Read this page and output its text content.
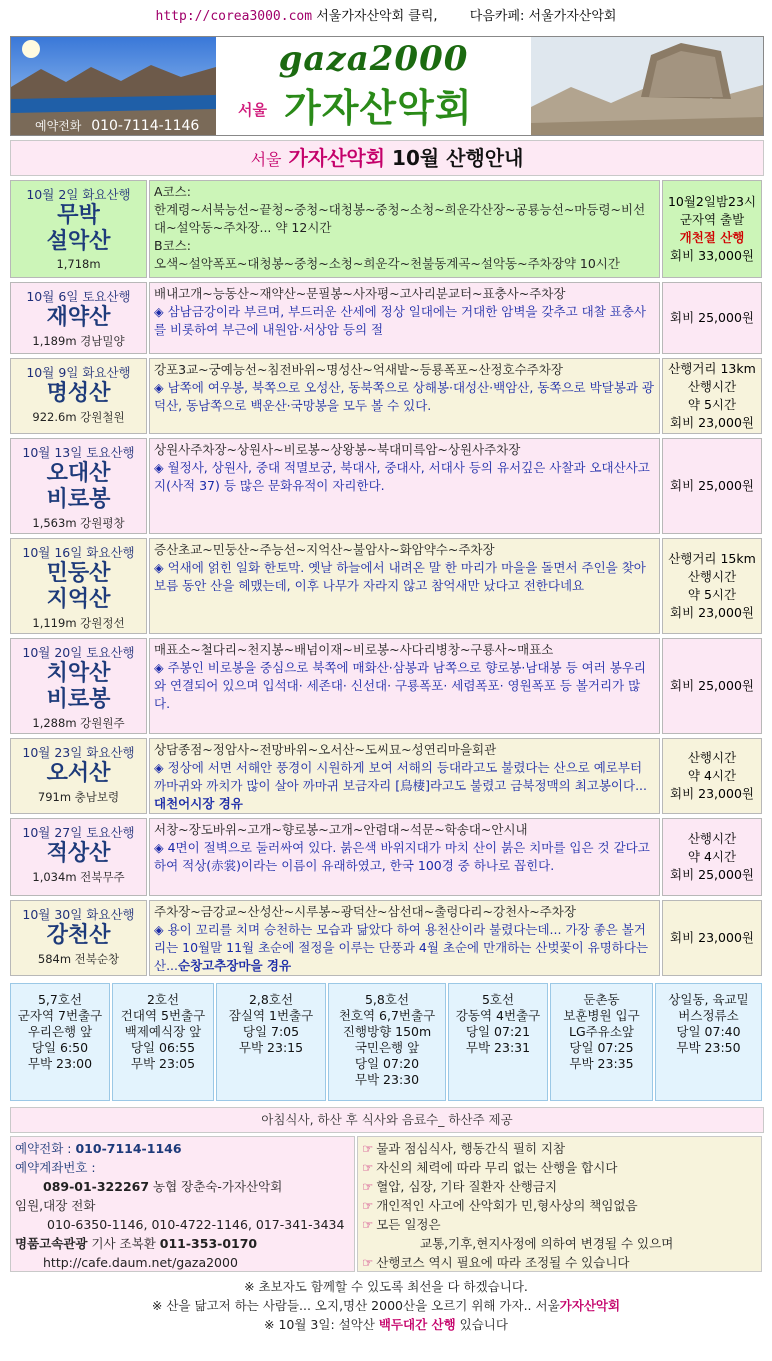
http://corea3000.com 서울가자산악회 클릭, 다음카페: 서울가자산악회
예약전화 010-7114-1146
gaza2000
서울 가자산악회
서울 가자산악회 10월 산행안내
10월 2일 화요산행
무박
설악산
1,718m
A코스:
한계령~서북능선~끝청~중청~대청봉~중청~소청~희운각산장~공룡능선~마등령~비선대~설악동~주차장... 약 12시간
B코스:
오색~설악폭포~대청봉~중청~소청~희운각~천불동계곡~설악동~주차장약 10시간
10월2일밤23시
군자역 출발
개천절 산행
회비 33,000원
10월 6일 토요산행
재약산
1,189m 경남밀양
배내고개~능동산~재약산~문필봉~사자평~고사리분교터~표충사~주차장
◈ 삼남금강이라 부르며, 부드러운 산세에 정상 일대에는 거대한 암벽을 갖추고 대찰 표충사를 비롯하여 부근에 내원암·서상암 등의 절
회비 25,000원
10월 9일 화요산행
명성산
922.6m 강원철원
강포3교~궁예능선~침전바위~명성산~억새밭~등룡폭포~산정호수주차장
◈ 남쪽에 여우봉, 북쪽으로 오성산, 동북쪽으로 상해봉·대성산·백암산, 동쪽으로 박달봉과 광덕산, 동남쪽으로 백운산·국망봉을 모두 볼 수 있다.
산행거리 13km
산행시간
약 5시간
회비 23,000원
10월 13일 토요산행
오대산
비로봉
1,563m 강원평창
상원사주차장~상원사~비로봉~상왕봉~북대미륵암~상원사주차장
◈ 월정사, 상원사, 중대 적멸보궁, 북대사, 중대사, 서대사 등의 유서깊은 사찰과 오대산사고지(사적 37) 등 많은 문화유적이 자리한다.	회비 25,000원
10월 16일 화요산행
민둥산
지억산
1,119m 강원정선
증산초교~민둥산~주능선~지억산~불암사~화암약수~주차장
◈ 억새에 얽힌 일화 한토막. 옛날 하늘에서 내려온 말 한 마리가 마을을 돌면서 주인을 찾아 보름 동안 산을 헤맸는데, 이후 나무가 자라지 않고 참억새만 났다고 전한다네요
산행거리 15km
산행시간
약 5시간
회비 23,000원
10월 20일 토요산행
치악산
비로봉
1,288m 강원원주
매표소~철다리~천지봉~배넘이재~비로봉~사다리병창~구룡사~매표소
◈ 주봉인 비로봉을 중심으로 북쪽에 매화산·삼봉과 남쪽으로 향로봉·남대봉 등 여러 봉우리와 연결되어 있으며 입석대· 세존대· 신선대· 구룡폭포· 세렴폭포· 영원폭포 등 볼거리가 많다.
회비 25,000원
10월 23일 화요산행
오서산
791m 충남보령
상담종점~정암사~전망바위~오서산~도씨묘~성연리마을회관
◈ 정상에 서면 서해안 풍경이 시원하게 보여 서해의 등대라고도 불렸다는 산으로 예로부터 까마귀와 까치가 많이 살아 까마귀 보금자리 [鳥棲]라고도 불렸고 금북정맥의 최고봉이다...대천어시장 경유
산행시간
약 4시간
회비 23,000원
10월 27일 토요산행
적상산
1,034m 전북무주
서창~장도바위~고개~향로봉~고개~안렴대~석문~학송대~안시내
◈ 4면이 절벽으로 둘러싸여 있다. 붉은색 바위지대가 마치 산이 붉은 치마를 입은 것 같다고 하여 적상(赤裳)이라는 이름이 유래하였고, 한국 100경 중 하나로 꼽힌다.
산행시간
약 4시간
회비 25,000원
10월 30일 화요산행
강천산
584m 전북순창
주차장~금강교~산성산~시루봉~광덕산~삼선대~출렁다리~강천사~주차장
◈ 용이 꼬리를 치며 승천하는 모습과 닮았다 하여 용천산이라 불렸다는데... 가장 좋은 볼거리는 10월말 11월 초순에 절정을 이루는 단풍과 4월 초순에 만개하는 산벚꽃이 유명하다는 산...순창고추장마을 경유
회비 23,000원
5,7호선
군자역 7번출구
우리은행 앞
당일 6:50
무박 23:00
2호선
건대역 5번출구
백제예식장 앞
당일 06:55
무박 23:05
2,8호선
잠실역 1번출구
당일 7:05
무박 23:15
5,8호선
천호역 6,7번출구
진행방향 150m
국민은행 앞
당일 07:20
무박 23:30
5호선
강동역 4번출구
당일 07:21
무박 23:31
둔촌동
보훈병원 입구
LG주유소앞
당일 07:25
무박 23:35
상일동, 육교밑
버스정류소
당일 07:40
무박 23:50
아침식사, 하산 후 식사와 음료수_ 하산주 제공
예약전화 : 010-7114-1146
예약계좌번호 :
089-01-322267 농협 장춘숙-가자산악회
임원,대장 전화
010-6350-1146, 010-4722-1146, 017-341-3434
명품고속관광 기사 조복환 011-353-0170
http://cafe.daum.net/gaza2000
☞ 물과 점심식사, 행동간식 필히 지참
☞ 자신의 체력에 따라 무리 없는 산행을 합시다
☞ 혈압, 심장, 기타 질환자 산행금지
☞ 개인적인 사고에 산악회가 민,형사상의 책임없음
☞ 모든 일정은
교통,기후,현지사정에 의하여 변경될 수 있으며
☞ 산행코스 역시 필요에 따라 조정될 수 있습니다
※ 초보자도 함께할 수 있도록 최선을 다 하겠습니다.
※ 산을 닮고저 하는 사람들... 오지,명산 2000산을 오르기 위해 가자.. 서울가자산악회
※ 10월 3일: 설악산 백두대간 산행 있습니다
